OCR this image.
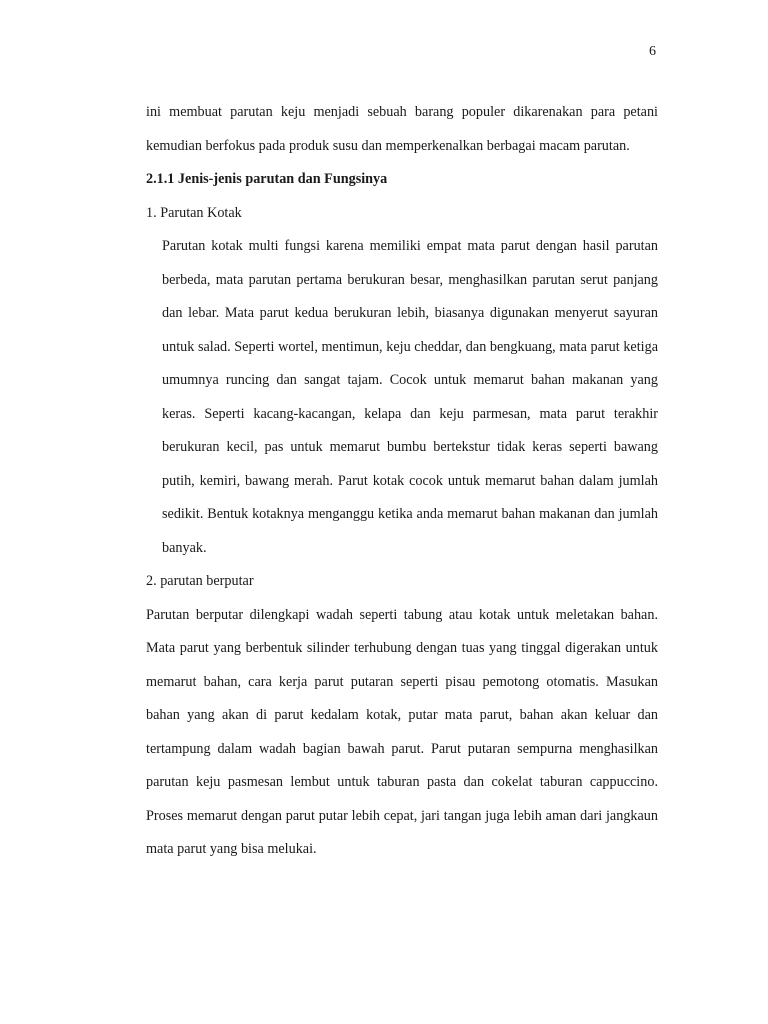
6

ini membuat parutan keju menjadi sebuah barang populer dikarenakan para petani kemudian berfokus pada produk susu dan memperkenalkan berbagai macam parutan.

2.1.1 Jenis-jenis parutan dan Fungsinya
1. Parutan Kotak

Parutan kotak multi fungsi karena memiliki empat mata parut dengan hasil parutan berbeda, mata parutan pertama berukuran besar, menghasilkan parutan serut panjang dan lebar. Mata parut kedua berukuran lebih, biasanya digunakan menyerut sayuran untuk salad. Seperti wortel, mentimun, keju cheddar, dan bengkuang, mata parut ketiga umumnya runcing dan sangat tajam. Cocok untuk memarut bahan makanan yang keras. Seperti kacang-kacangan, kelapa dan keju parmesan, mata parut terakhir berukuran kecil, pas untuk memarut bumbu bertekstur tidak keras seperti bawang putih, kemiri, bawang merah. Parut kotak cocok untuk memarut bahan dalam jumlah sedikit. Bentuk kotaknya menganggu ketika anda memarut bahan makanan dan jumlah banyak.

2. parutan berputar

Parutan berputar dilengkapi wadah seperti tabung atau kotak untuk meletakan bahan. Mata parut yang berbentuk silinder terhubung dengan tuas yang tinggal digerakan untuk memarut bahan, cara kerja parut putaran seperti pisau pemotong otomatis. Masukan bahan yang akan di parut kedalam kotak, putar mata parut, bahan akan keluar dan tertampung dalam wadah bagian bawah parut. Parut putaran sempurna menghasilkan parutan keju pasmesan lembut untuk taburan pasta dan cokelat taburan cappuccino. Proses memarut dengan parut putar lebih cepat, jari tangan juga lebih aman dari jangkaun mata parut yang bisa melukai.
